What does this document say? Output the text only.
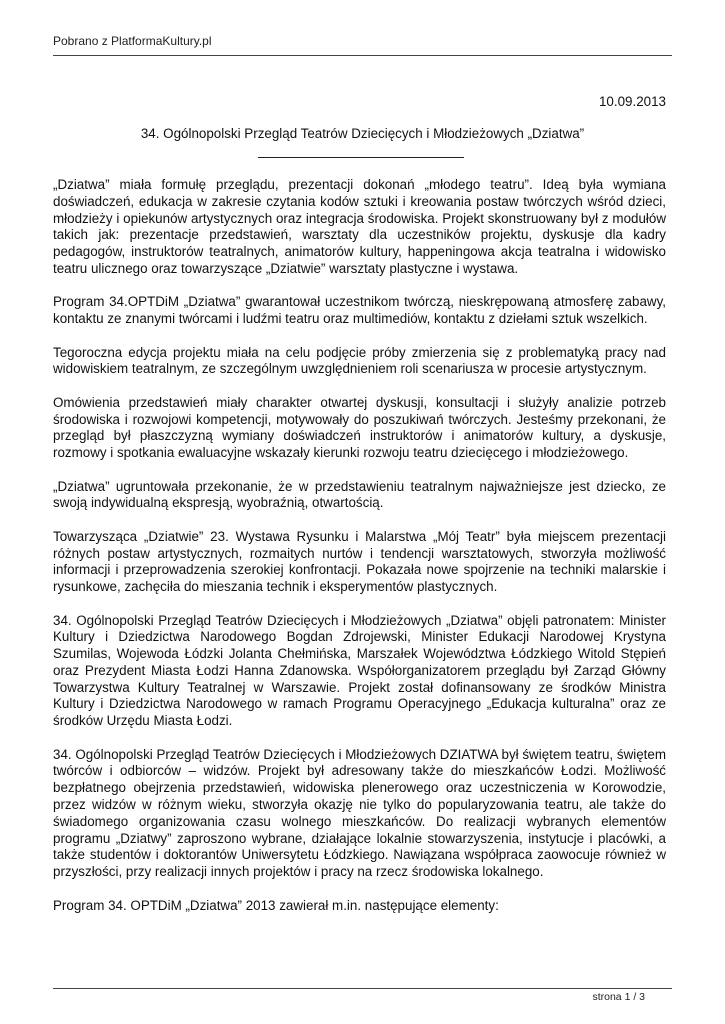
Pobrano z PlatformaKultury.pl
10.09.2013
34. Ogólnopolski Przegląd Teatrów Dziecięcych i Młodzieżowych „Dziatwa”

„Dziatwa” miała formułę przeglądu, prezentacji dokonań „młodego teatru”. Ideą była wymiana doświadczeń, edukacja w zakresie czytania kodów sztuki i kreowania postaw twórczych wśród dzieci, młodzieży i opiekunów artystycznych oraz integracja środowiska. Projekt skonstruowany był z modułów takich jak: prezentacje przedstawień, warsztaty dla uczestników projektu, dyskusje dla kadry pedagogów, instruktorów teatralnych, animatorów kultury, happeningowa akcja teatralna i widowisko teatru ulicznego oraz towarzyszące „Dziatwie” warsztaty plastyczne i wystawa.

Program 34.OPTDiM „Dziatwa” gwarantował uczestnikom twórczą, nieskrępowaną atmosferę zabawy, kontaktu ze znanymi twórcami i ludźmi teatru oraz multimediów, kontaktu z dziełami sztuk wszelkich.

Tegoroczna edycja projektu miała na celu podjęcie próby zmierzenia się z problematyką pracy nad widowiskiem teatralnym, ze szczególnym uwzględnieniem roli scenariusza w procesie artystycznym.

Omówienia przedstawień miały charakter otwartej dyskusji, konsultacji i służyły analizie potrzeb środowiska i rozwojowi kompetencji, motywowały do poszukiwań twórczych. Jesteśmy przekonani, że przegląd był płaszczyzną wymiany doświadczeń instruktorów i animatorów kultury, a dyskusje, rozmowy i spotkania ewaluacyjne wskazały kierunki rozwoju teatru dziecięcego i młodzieżowego.

„Dziatwa” ugruntowała przekonanie, że w przedstawieniu teatralnym najważniejsze jest dziecko, ze swoją indywidualną ekspresją, wyobraźnią, otwartością.

Towarzysząca „Dziatwie” 23. Wystawa Rysunku i Malarstwa „Mój Teatr” była miejscem prezentacji różnych postaw artystycznych, rozmaitych nurtów i tendencji warsztatowych, stworzyła możliwość informacji i przeprowadzenia szerokiej konfrontacji. Pokazała nowe spojrzenie na techniki malarskie i rysunkowe, zachęciła do mieszania technik i eksperymentów plastycznych.

34. Ogólnopolski Przegląd Teatrów Dziecięcych i Młodzieżowych „Dziatwa” objęli patronatem: Minister Kultury i Dziedzictwa Narodowego Bogdan Zdrojewski, Minister Edukacji Narodowej Krystyna Szumilas, Wojewoda Łódzki Jolanta Chełmińska, Marszałek Województwa Łódzkiego Witold Stępień oraz Prezydent Miasta Łodzi Hanna Zdanowska. Współorganizatorem przeglądu był Zarząd Główny Towarzystwa Kultury Teatralnej w Warszawie. Projekt został dofinansowany ze środków Ministra Kultury i Dziedzictwa Narodowego w ramach Programu Operacyjnego „Edukacja kulturalna” oraz ze środków Urzędu Miasta Łodzi.

34. Ogólnopolski Przegląd Teatrów Dziecięcych i Młodzieżowych DZIATWA był świętem teatru, świętem twórców i odbiorców – widzów. Projekt był adresowany także do mieszkańców Łodzi. Możliwość bezpłatnego obejrzenia przedstawień, widowiska plenerowego oraz uczestniczenia w Korowodzie, przez widzów w różnym wieku, stworzyła okazję nie tylko do popularyzowania teatru, ale także do świadomego organizowania czasu wolnego mieszkańców. Do realizacji wybranych elementów programu „Dziatwy” zaproszono wybrane, działające lokalnie stowarzyszenia, instytucje i placówki, a także studentów i doktorantów Uniwersytetu Łódzkiego. Nawiązana współpraca zaowocuje również w przyszłości, przy realizacji innych projektów i pracy na rzecz środowiska lokalnego.

Program 34. OPTDiM „Dziatwa” 2013 zawierał m.in. następujące elementy:

strona 1 / 3
